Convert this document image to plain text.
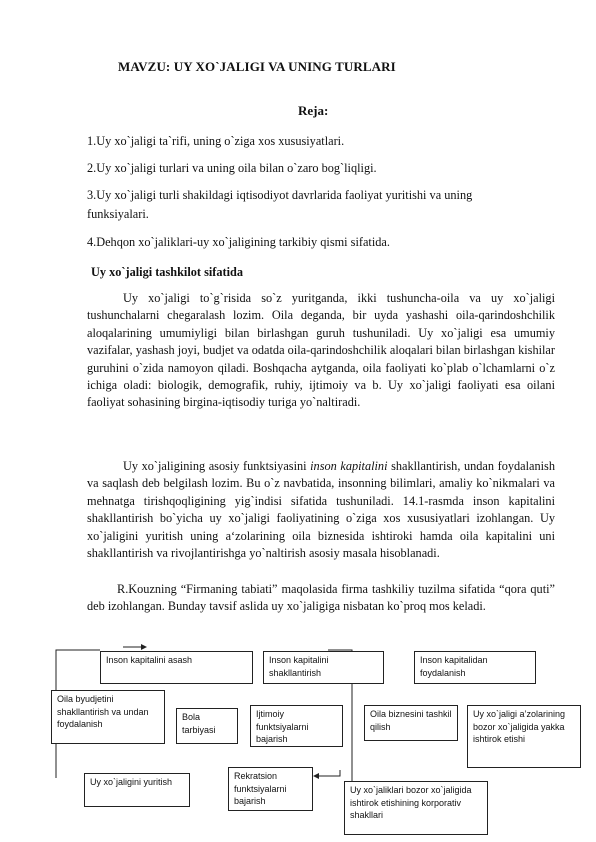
MAVZU: UY XO`JALIGI VA UNING TURLARI
Reja:
1.Uy xo`jaligi ta`rifi, uning o`ziga xos xususiyatlari.
2.Uy xo`jaligi turlari va uning oila bilan o`zaro bog`liqligi.
3.Uy xo`jaligi turli shakildagi iqtisodiyot davrlarida faoliyat yuritishi va uning funksiyalari.
4.Dehqon xo`jaliklari-uy xo`jaligining tarkibiy qismi sifatida.
Uy xo`jaligi tashkilot sifatida

Uy xo`jaligi to`g`risida so`z yuritganda, ikki tushuncha-oila va uy xo`jaligi tushunchalarni chegaralash lozim. Oila deganda, bir uyda yashashi oila-qarindoshchilik aloqalarining umumiyligi bilan birlashgan guruh tushuniladi. Uy xo`jaligi esa umumiy vazifalar, yashash joyi, budjet va odatda oila-qarindoshchilik aloqalari bilan birlashgan kishilar guruhini o`zida namoyon qiladi. Boshqacha aytganda, oila faoliyati ko`plab o`lchamlarni o`z ichiga oladi: biologik, demografik, ruhiy, ijtimoiy va b. Uy xo`jaligi faoliyati esa oilani faoliyat sohasining birgina-iqtisodiy turiga yo`naltiradi.

Uy xo`jaligining asosiy funktsiyasini inson kapitalini shakllantirish, undan foydalanish va saqlash deb belgilash lozim. Bu o`z navbatida, insonning bilimlari, amaliy ko`nikmalari va mehnatga tirishqoqligining yig`indisi sifatida tushuniladi. 14.1-rasmda inson kapitalini shakllantirish bo`yicha uy xo`jaligi faoliyatining o`ziga xos xususiyatlari izohlangan. Uy xo`jaligini yuritish uning a‘zolarining oila biznesida ishtiroki hamda oila kapitalini uni shakllantirish va rivojlantirishga yo`naltirish asosiy masala hisoblanadi.

R.Kouzning “Firmaning tabiati” maqolasida firma tashkiliy tuzilma sifatida “qora quti” deb izohlangan. Bunday tavsif aslida uy xo`jaligiga nisbatan ko`proq mos keladi.

Inson kapitalini asash	Inson kapitalini shakllantirish
Inson kapitalidan foydalanish
Oila byudjetini shakllantirish va undan foydalanish
Bola tarbiyasi
Ijtimoiy funktsiyalarni bajarish
Oila biznesini tashkil qilish
Uy xo`jaligi a’zolarining bozor xo`jaligida yakka ishtirok etishi
Uy xo`jaligini yuritish
Rekratsion funktsiyalarni bajarish
Uy xo`jaliklari bozor xo`jaligida ishtirok etishining korporativ shakllari
